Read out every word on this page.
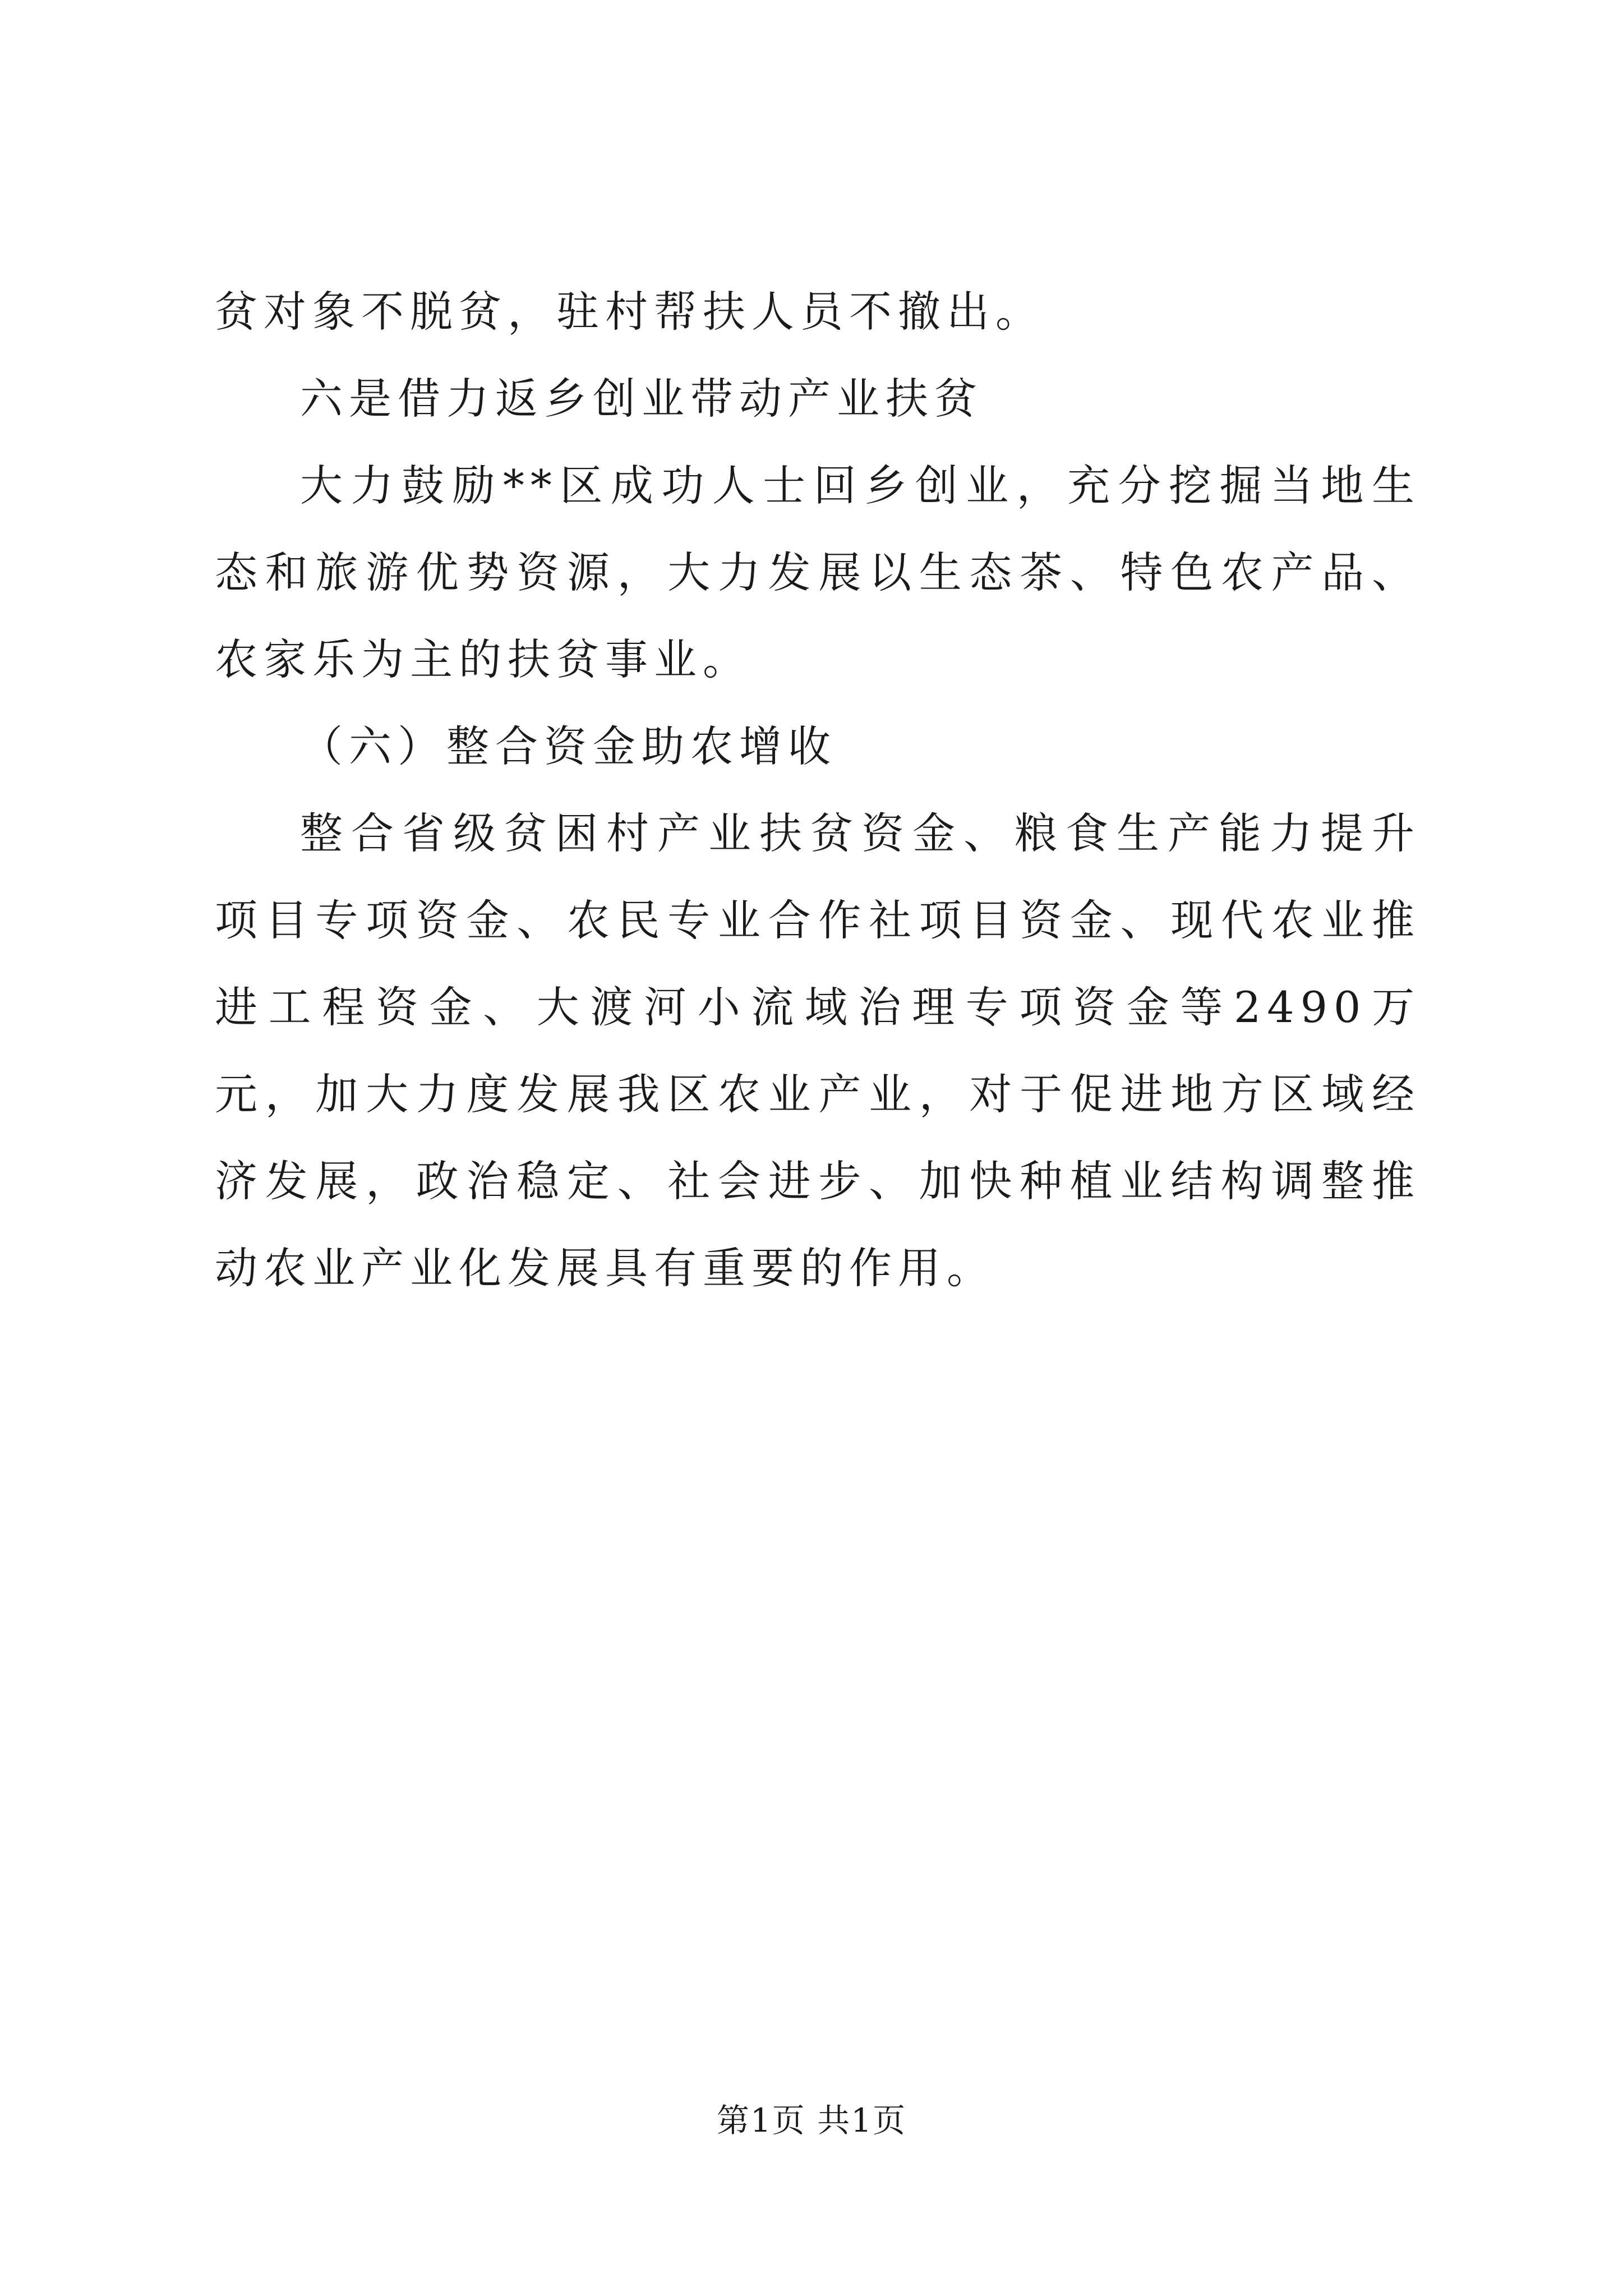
贫对象不脱贫，驻村帮扶人员不撤出。

六是借力返乡创业带动产业扶贫

大力鼓励**区成功人士回乡创业，充分挖掘当地生态和旅游优势资源，大力发展以生态茶、特色农产品、农家乐为主的扶贫事业。

（六）整合资金助农增收

整合省级贫困村产业扶贫资金、粮食生产能力提升项目专项资金、农民专业合作社项目资金、现代农业推进工程资金、大渡河小流域治理专项资金等2490万元，加大力度发展我区农业产业，对于促进地方区域经济发展，政治稳定、社会进步、加快种植业结构调整推动农业产业化发展具有重要的作用。

第1页 共1页
